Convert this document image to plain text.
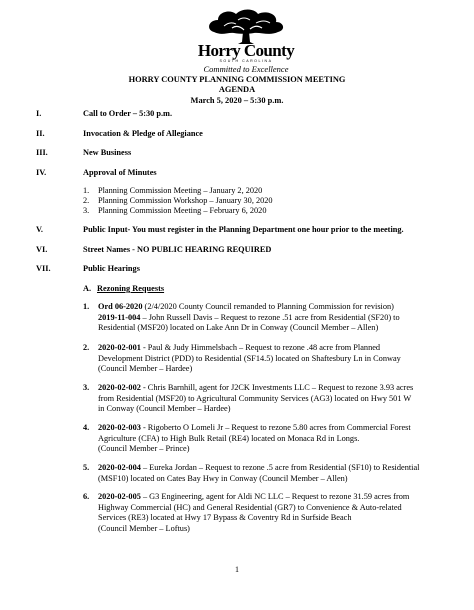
Horry County
SOUTH CAROLINA
Committed to Excellence
HORRY COUNTY PLANNING COMMISSION MEETING
AGENDA
March 5, 2020 – 5:30 p.m.
I.	Call to Order – 5:30 p.m.
II.	Invocation & Pledge of Allegiance
III.	New Business
IV.	Approval of Minutes
1. Planning Commission Meeting – January 2, 2020
2. Planning Commission Workshop – January 30, 2020
3. Planning Commission Meeting – February 6, 2020
V.	Public Input- You must register in the Planning Department one hour prior to the meeting.
VI.	Street Names - NO PUBLIC HEARING REQUIRED
VII.	Public Hearings
A. Rezoning Requests
1. Ord 06-2020 (2/4/2020 County Council remanded to Planning Commission for revision)
2019-11-004 – John Russell Davis – Request to rezone .51 acre from Residential (SF20) to
Residential (MSF20) located on Lake Ann Dr in Conway (Council Member – Allen)
2. 2020-02-001 - Paul & Judy Himmelsbach – Request to rezone .48 acre from Planned
Development District (PDD) to Residential (SF14.5) located on Shaftesbury Ln in Conway
(Council Member – Hardee)
3. 2020-02-002 - Chris Barnhill, agent for J2CK Investments LLC – Request to rezone 3.93 acres
from Residential (MSF20) to Agricultural Community Services (AG3) located on Hwy 501 W
in Conway (Council Member – Hardee)
4. 2020-02-003 - Rigoberto O Lomeli Jr – Request to rezone 5.80 acres from Commercial Forest
Agriculture (CFA) to High Bulk Retail (RE4) located on Monaca Rd in Longs.
(Council Member – Prince)
5. 2020-02-004 – Eureka Jordan – Request to rezone .5 acre from Residential (SF10) to Residential
(MSF10) located on Cates Bay Hwy in Conway (Council Member – Allen)
6. 2020-02-005 – G3 Engineering, agent for Aldi NC LLC – Request to rezone 31.59 acres from
Highway Commercial (HC) and General Residential (GR7) to Convenience & Auto-related
Services (RE3) located at Hwy 17 Bypass & Coventry Rd in Surfside Beach
(Council Member – Loftus)
1
